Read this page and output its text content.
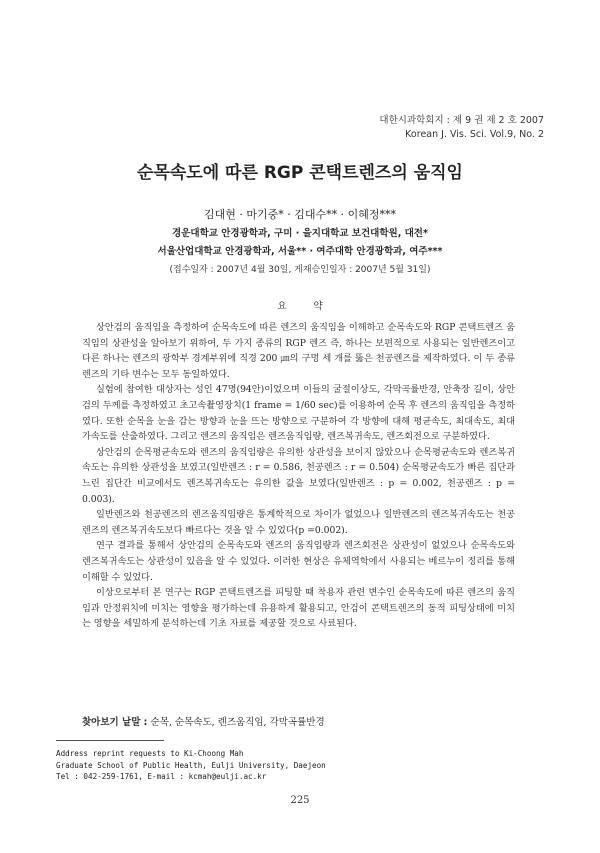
대한시과학회지 : 제 9 권 제 2 호 2007
Korean J. Vis. Sci. Vol.9, No. 2
순목속도에 따른 RGP 콘택트렌즈의 움직임
김대현 · 마기중* · 김대수** · 이혜정***
경운대학교 안경광학과, 구미 · 을지대학교 보건대학원, 대전*
서울산업대학교 안경광학과, 서울** · 여주대학 안경광학과, 여주***
(접수일자 : 2007년 4월 30일, 게재승인일자 : 2007년 5월 31일)
요 약

상안검의 움직임을 측정하여 순목속도에 따른 렌즈의 움직임을 이해하고 순목속도와 RGP 콘택트렌즈 움직임의 상관성을 알아보기 위하여, 두 가지 종류의 RGP 렌즈 즉, 하나는 보편적으로 사용되는 일반렌즈이고 다른 하나는 렌즈의 광학부 경계부위에 직경 200 ㎛의 구멍 세 개를 뚫은 천공렌즈를 제작하였다. 이 두 종류 렌즈의 기타 변수는 모두 동일하였다.

실험에 참여한 대상자는 성인 47명(94안)이었으며 이들의 굴절이상도, 각막곡률반경, 안축장 길이, 상안검의 두께를 측정하였고 초고속촬영장치(1 frame = 1/60 sec)를 이용하여 순목 후 렌즈의 움직임을 측정하였다. 또한 순목을 눈을 감는 방향과 눈을 뜨는 방향으로 구분하여 각 방향에 대해 평균속도, 최대속도, 최대가속도를 산출하였다. 그리고 렌즈의 움직임은 렌즈움직임량, 렌즈복귀속도, 렌즈회전으로 구분하였다.

상안검의 순목평균속도와 렌즈의 움직임량은 유의한 상관성을 보이지 않았으나 순목평균속도와 렌즈복귀속도는 유의한 상관성을 보였고(일반렌즈 : r = 0.586, 천공렌즈 : r = 0.504) 순목평균속도가 빠른 집단과 느린 집단간 비교에서도 렌즈복귀속도는 유의한 값을 보였다(일반렌즈 : p = 0.002, 천공렌즈 : p = 0.003).

일반렌즈와 천공렌즈의 렌즈움직임량은 통계학적으로 차이가 없었으나 일반렌즈의 렌즈복귀속도는 천공렌즈의 렌즈복귀속도보다 빠르다는 것을 알 수 있었다(p =0.002).

연구 결과를 통해서 상안검의 순목속도와 렌즈의 움직임량과 렌즈회전은 상관성이 없었으나 순목속도와 렌즈복귀속도는 상관성이 있음을 알 수 있었다. 이러한 현상은 유체역학에서 사용되는 베르누이 정리를 통해 이해할 수 있었다.

이상으로부터 본 연구는 RGP 콘택트렌즈를 피팅할 때 착용자 관련 변수인 순목속도에 따른 렌즈의 움직임과 안정위치에 미치는 영향을 평가하는데 유용하게 활용되고, 안검이 콘택트렌즈의 동적 피팅상태에 미치는 영향을 세밀하게 분석하는데 기초 자료를 제공할 것으로 사료된다.

찾아보기 낱말 : 순목, 순목속도, 렌즈움직임, 각막곡률반경
Address reprint requests to Ki-Choong Mah
Graduate School of Public Health, Eulji University, Daejeon
Tel : 042-259-1761, E-mail : kcmah@eulji.ac.kr
225
